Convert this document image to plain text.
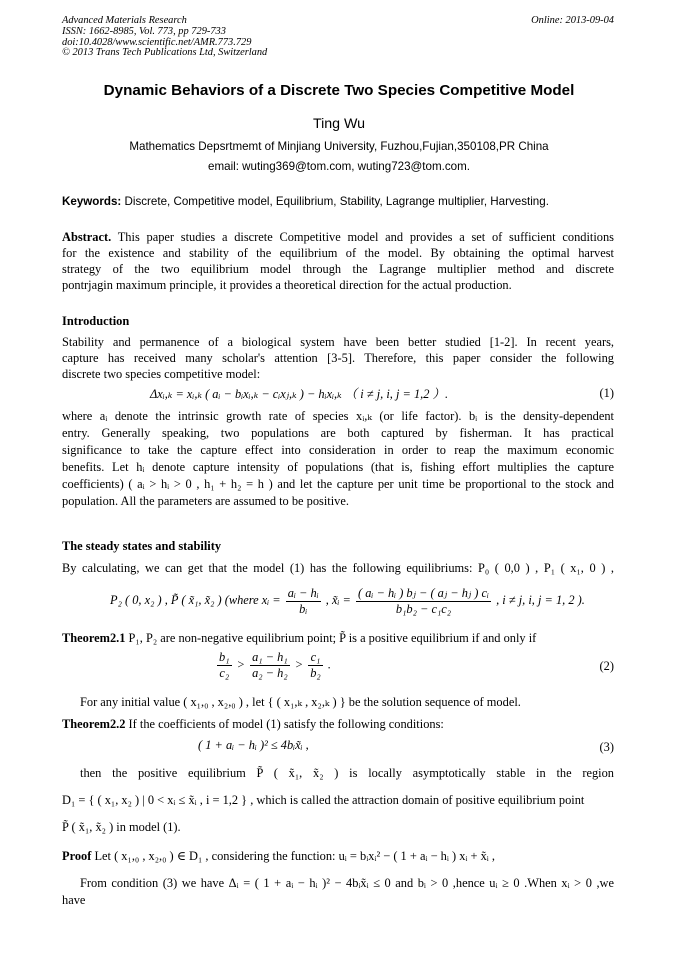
Advanced Materials Research
ISSN: 1662-8985, Vol. 773, pp 729-733
doi:10.4028/www.scientific.net/AMR.773.729
© 2013 Trans Tech Publications Ltd, Switzerland
Online: 2013-09-04
Dynamic Behaviors of a Discrete Two Species Competitive Model
Ting Wu
Mathematics Depsrtmemt of Minjiang University, Fuzhou,Fujian,350108,PR China
email: wuting369@tom.com, wuting723@tom.com.
Keywords: Discrete, Competitive model, Equilibrium, Stability, Lagrange multiplier, Harvesting.
Abstract. This paper studies a discrete Competitive model and provides a set of sufficient conditions
for the existence and stability of the equilibrium of the model. By obtaining the optimal harvest
strategy of the two equilibrium model through the Lagrange multiplier method and discrete
pontrjagin maximum principle, it provides a theoretical direction for the actual production.
Introduction
Stability and permanence of a biological system have been better studied [1-2]. In recent years,
capture has received many scholar's attention [3-5]. Therefore, this paper consider the following
discrete two species competitive model:
Δxᵢ,ₖ = xᵢ,ₖ ( aᵢ − bᵢxᵢ,ₖ − cᵢxⱼ,ₖ ) − hᵢxᵢ,ₖ （ i ≠ j, i, j = 1,2 ）.	(1)
where aᵢ denote the intrinsic growth rate of species xᵢ,ₖ (or life factor). bᵢ is the density-dependent
entry. Generally speaking, two populations are both captured by fisherman. It has practical
significance to take the capture effect into consideration in order to reap the maximum economic
benefits. Let hᵢ denote capture intensity of populations (that is, fishing effort multiplies the capture
coefficients) ( aᵢ > hᵢ > 0 , h₁ + h₂ = h ) and let the capture per unit time be proportional to the stock and
population. All the parameters are assumed to be positive.
The steady states and stability
By calculating, we can get that the model (1) has the following equilibriums: P₀ ( 0,0 ) , P₁ ( x₁, 0 ) ,
P₂ ( 0, x₂ ) , P̃ ( x̃₁, x̃₂ ) (where xᵢ = $\frac{\text{aᵢ − hᵢ}}{\text{bᵢ}}$ , x̃ᵢ = $\frac{\text{( aᵢ − hᵢ ) bⱼ − ( aⱼ − hⱼ ) cᵢ}}{\text{b₁b₂ − c₁c₂}}$ , i ≠ j, i, j = 1, 2 ).
Theorem2.1 P₁, P₂ are non-negative equilibrium point; P̃ is a positive equilibrium if and only if
$\frac{\text{b₁}}{\text{c₂}} > \frac{\text{a₁ − h₁}}{\text{a₂ − h₂}} > \frac{\text{c₁}}{\text{b₂}}$ .	(2)
For any initial value ( x₁,₀ , x₂,₀ ) , let { ( x₁,ₖ , x₂,ₖ ) } be the solution sequence of model.
Theorem2.2 If the coefficients of model (1) satisfy the following conditions:
( 1 + aᵢ − hᵢ )² ≤ 4bᵢx̃ᵢ ,	(3)
then the positive equilibrium P̃ ( x̃₁, x̃₂ ) is locally asymptotically stable in the region
D₁ = { ( x₁, x₂ ) | 0 < xᵢ ≤ x̃ᵢ , i = 1,2 } , which is called the attraction domain of positive equilibrium point
P̃ ( x̃₁, x̃₂ ) in model (1).
Proof Let ( x₁,₀ , x₂,₀ ) ∈ D₁ , considering the function: uᵢ = bᵢxᵢ² − ( 1 + aᵢ − hᵢ ) xᵢ + x̃ᵢ ,
From condition (3) we have Δᵢ = ( 1 + aᵢ − hᵢ )² − 4bᵢx̃ᵢ ≤ 0 and bᵢ > 0 ,hence uᵢ ≥ 0 .When xᵢ > 0 ,we
have
